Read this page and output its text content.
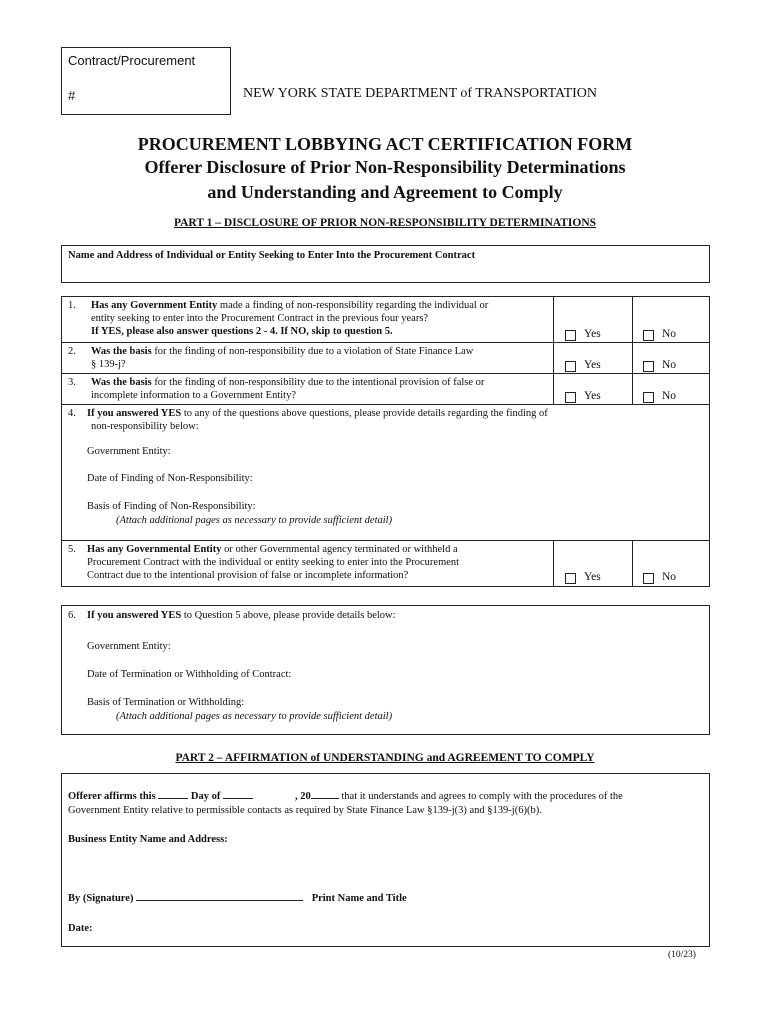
Contract/Procurement
#	NEW YORK STATE DEPARTMENT of TRANSPORTATION
PROCUREMENT LOBBYING ACT CERTIFICATION FORM
Offerer Disclosure of Prior Non-Responsibility Determinations
and Understanding and Agreement to Comply
PART 1 – DISCLOSURE OF PRIOR NON-RESPONSIBILITY DETERMINATIONS
Name and Address of Individual or Entity Seeking to Enter Into the Procurement Contract
1. Has any Government Entity made a finding of non-responsibility regarding the individual or
entity seeking to enter into the Procurement Contract in the previous four years?
If YES, please also answer questions 2 - 4. If NO, skip to question 5.	Yes	No
2. Was the basis for the finding of non-responsibility due to a violation of State Finance Law
§ 139-j?	Yes	No
3. Was the basis for the finding of non-responsibility due to the intentional provision of false or
incomplete information to a Government Entity?	Yes	No
4. If you answered YES to any of the questions above questions, please provide details regarding the finding of
non-responsibility below:
Government Entity:
Date of Finding of Non-Responsibility:
Basis of Finding of Non-Responsibility:
(Attach additional pages as necessary to provide sufficient detail)
5. Has any Governmental Entity or other Governmental agency terminated or withheld a
Procurement Contract with the individual or entity seeking to enter into the Procurement
Contract due to the intentional provision of false or incomplete information?	Yes	No
6. If you answered YES to Question 5 above, please provide details below:
Government Entity:
Date of Termination or Withholding of Contract:
Basis of Termination or Withholding:
(Attach additional pages as necessary to provide sufficient detail)
PART 2 – AFFIRMATION of UNDERSTANDING and AGREEMENT TO COMPLY
Offerer affirms this	Day of	, 20	that it understands and agrees to comply with the procedures of the
Government Entity relative to permissible contacts as required by State Finance Law §139-j(3) and §139-j(6)(b).
Business Entity Name and Address:
By (Signature)	Print Name and Title
Date:
(10/23)
